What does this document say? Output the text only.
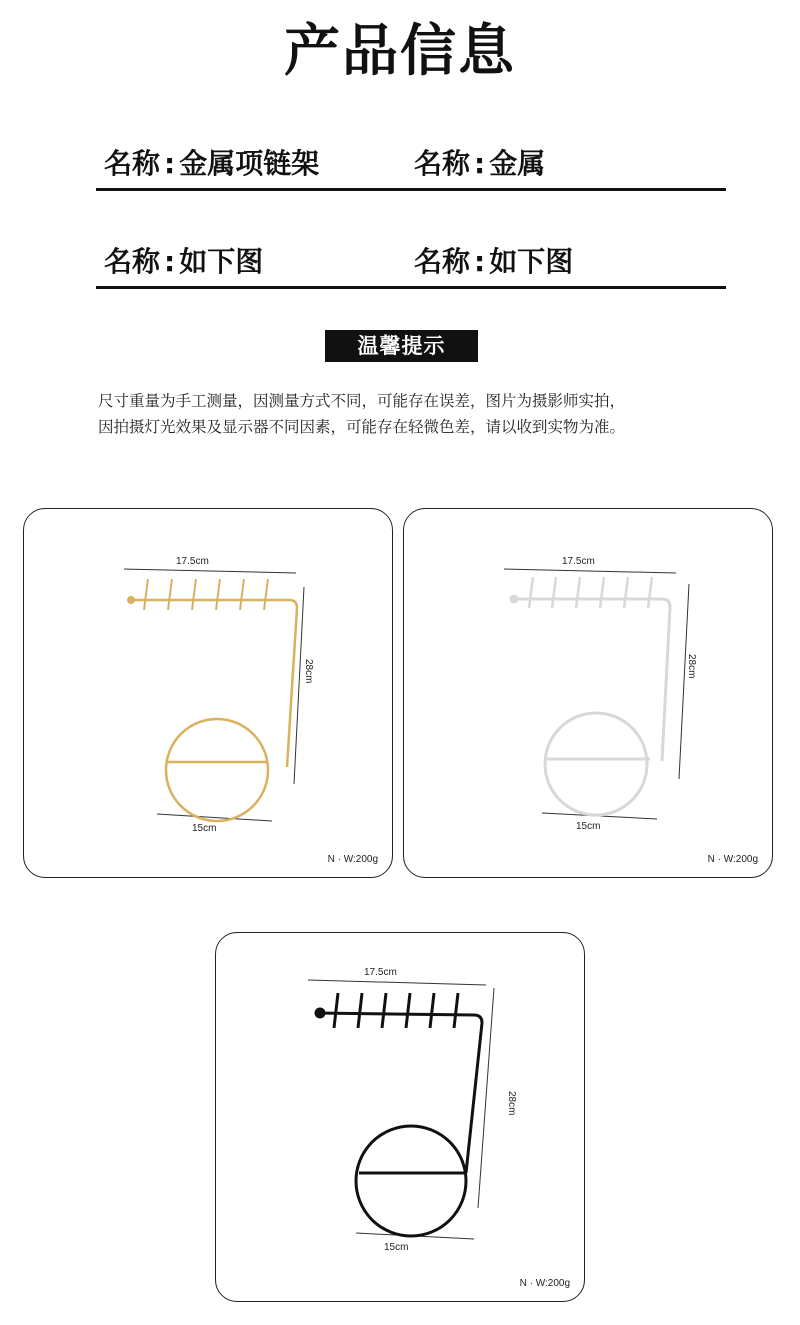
产品信息
名称 : 金属项链架	名称 : 金属
名称 : 如下图	名称 : 如下图
温馨提示

尺寸重量为手工测量，因测量方式不同，可能存在误差，图片为摄影师实拍，

因拍摄灯光效果及显示器不同因素，可能存在轻微色差，请以收到实物为准。

17.5cm
28cm
15cm
N · W:200g
17.5cm
28cm
15cm
N · W:200g
17.5cm
28cm
15cm
N · W:200g
